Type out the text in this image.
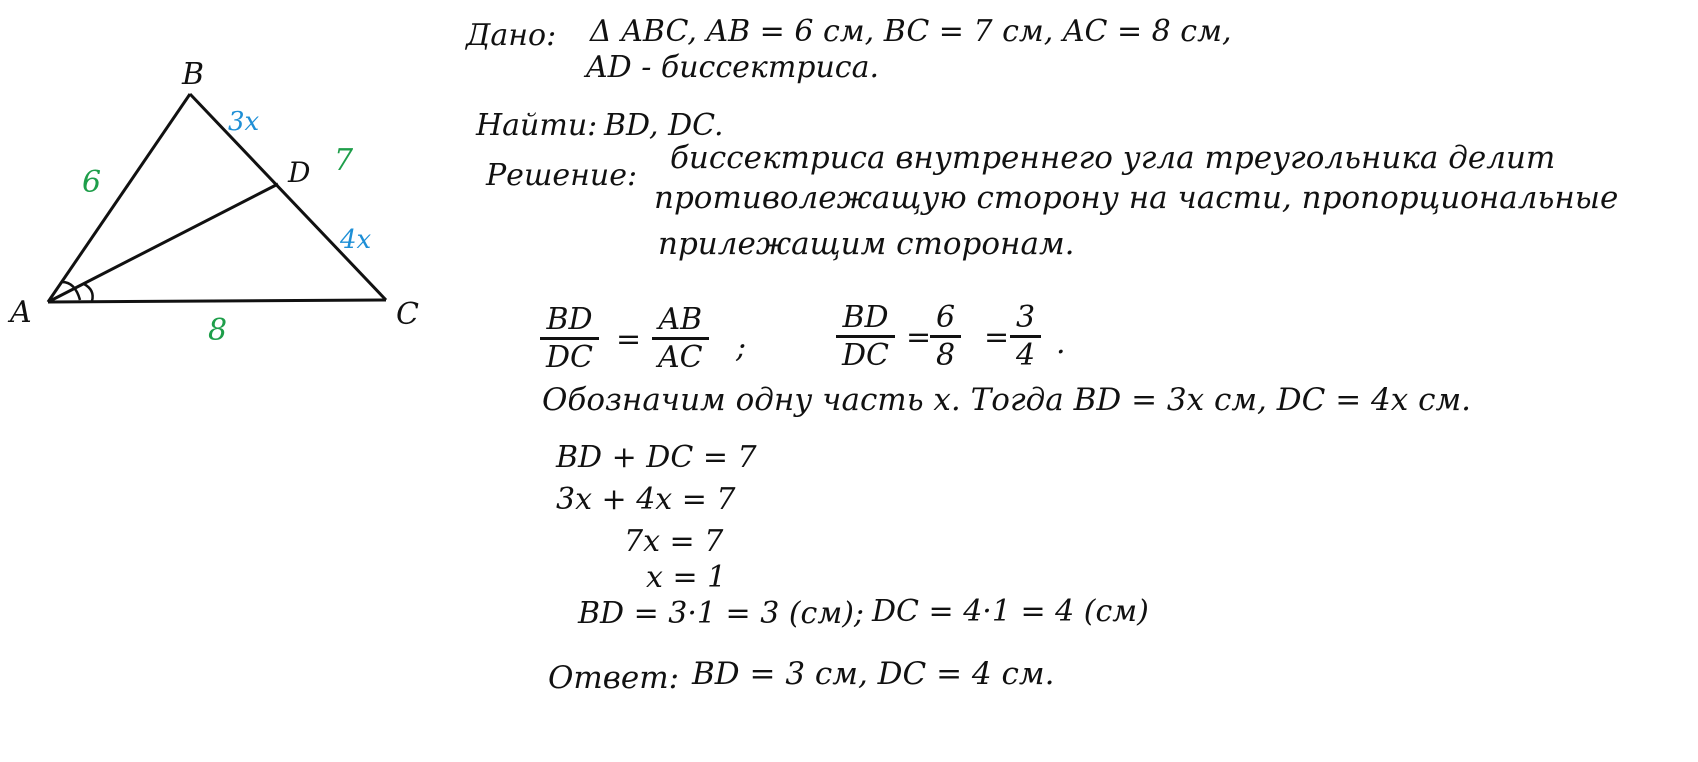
A
B
C
D
6
8
7
3x
4x
Дано: Δ ABC, AB = 6 см, BC = 7 см, AC = 8 см,
AD - биссектриса.
Найти: BD, DC.
Решение: биссектриса внутреннего угла треугольника делит
противолежащую сторону на части, пропорциональные
прилежащим сторонам.
$\frac{BD}{DC} = \frac{AB}{AC}$ ;	$\frac{BD}{DC}$ =
$\frac{6}{8} = \frac{3}{4}$ .
Обозначим одну часть x. Тогда BD = 3x см, DC = 4x см.
BD + DC = 7
3x + 4x = 7
7x = 7
x = 1
BD = 3·1 = 3 (см); DC = 4·1 = 4 (см)
Ответ: BD = 3 см, DC = 4 см.
